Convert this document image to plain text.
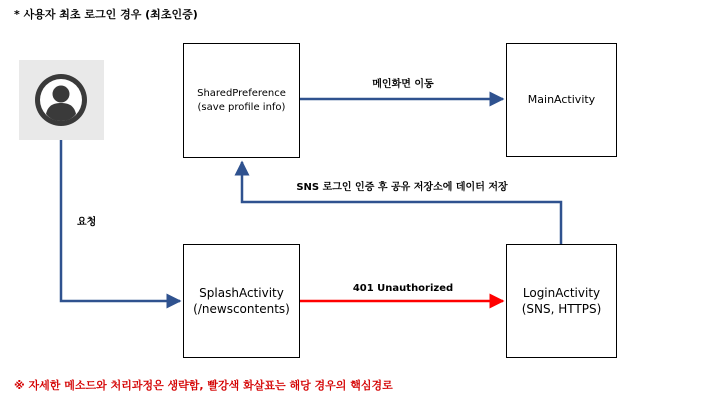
* 사용자 최초 로그인 경우 (최초인증)
SharedPreference
(save profile info)
MainActivity
SplashActivity
(/newscontents)
LoginActivity
(SNS, HTTPS)
메인화면 이동
SNS 로그인 인증 후 공유 저장소에 데이터 저장
요청
401 Unauthorized
※ 자세한 메소드와 처리과정은 생략함, 빨강색 화살표는 해당 경우의 핵심경로
